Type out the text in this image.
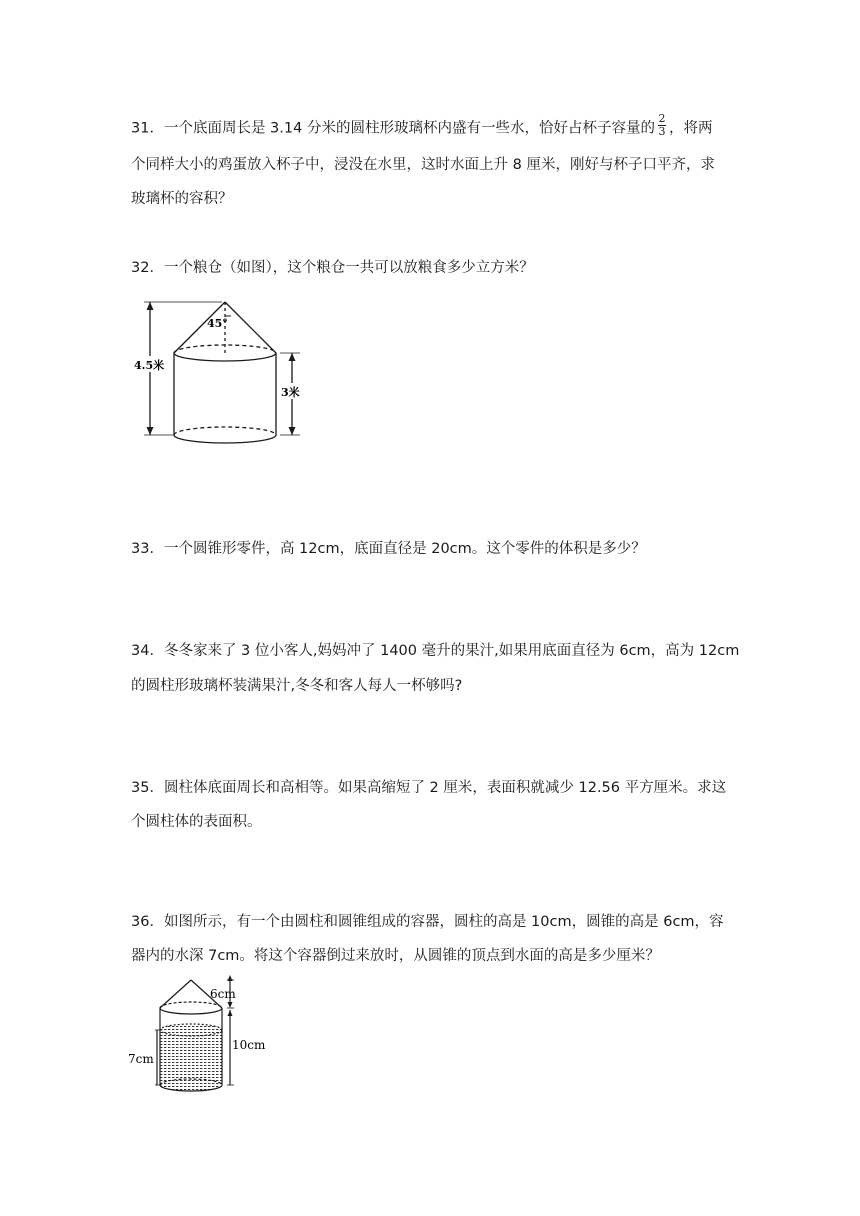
31．一个底面周长是 3.14 分米的圆柱形玻璃杯内盛有一些水，恰好占杯子容量的 $\frac{2}{3}$ ，将两
个同样大小的鸡蛋放入杯子中，浸没在水里，这时水面上升 8 厘米，刚好与杯子口平齐，求
玻璃杯的容积？
32．一个粮仓（如图），这个粮仓一共可以放粮食多少立方米？
45°
4.5米
3米
33．一个圆锥形零件，高 12cm，底面直径是 20cm。这个零件的体积是多少？
34．冬冬家来了 3 位小客人,妈妈冲了 1400 毫升的果汁,如果用底面直径为 6cm，高为 12cm
的圆柱形玻璃杯装满果汁,冬冬和客人每人一杯够吗?
35．圆柱体底面周长和高相等。如果高缩短了 2 厘米，表面积就减少 12.56 平方厘米。求这
个圆柱体的表面积。
36．如图所示，有一个由圆柱和圆锥组成的容器，圆柱的高是 10cm，圆锥的高是 6cm，容
器内的水深 7cm。将这个容器倒过来放时，从圆锥的顶点到水面的高是多少厘米？
6cm
10cm
7cm
